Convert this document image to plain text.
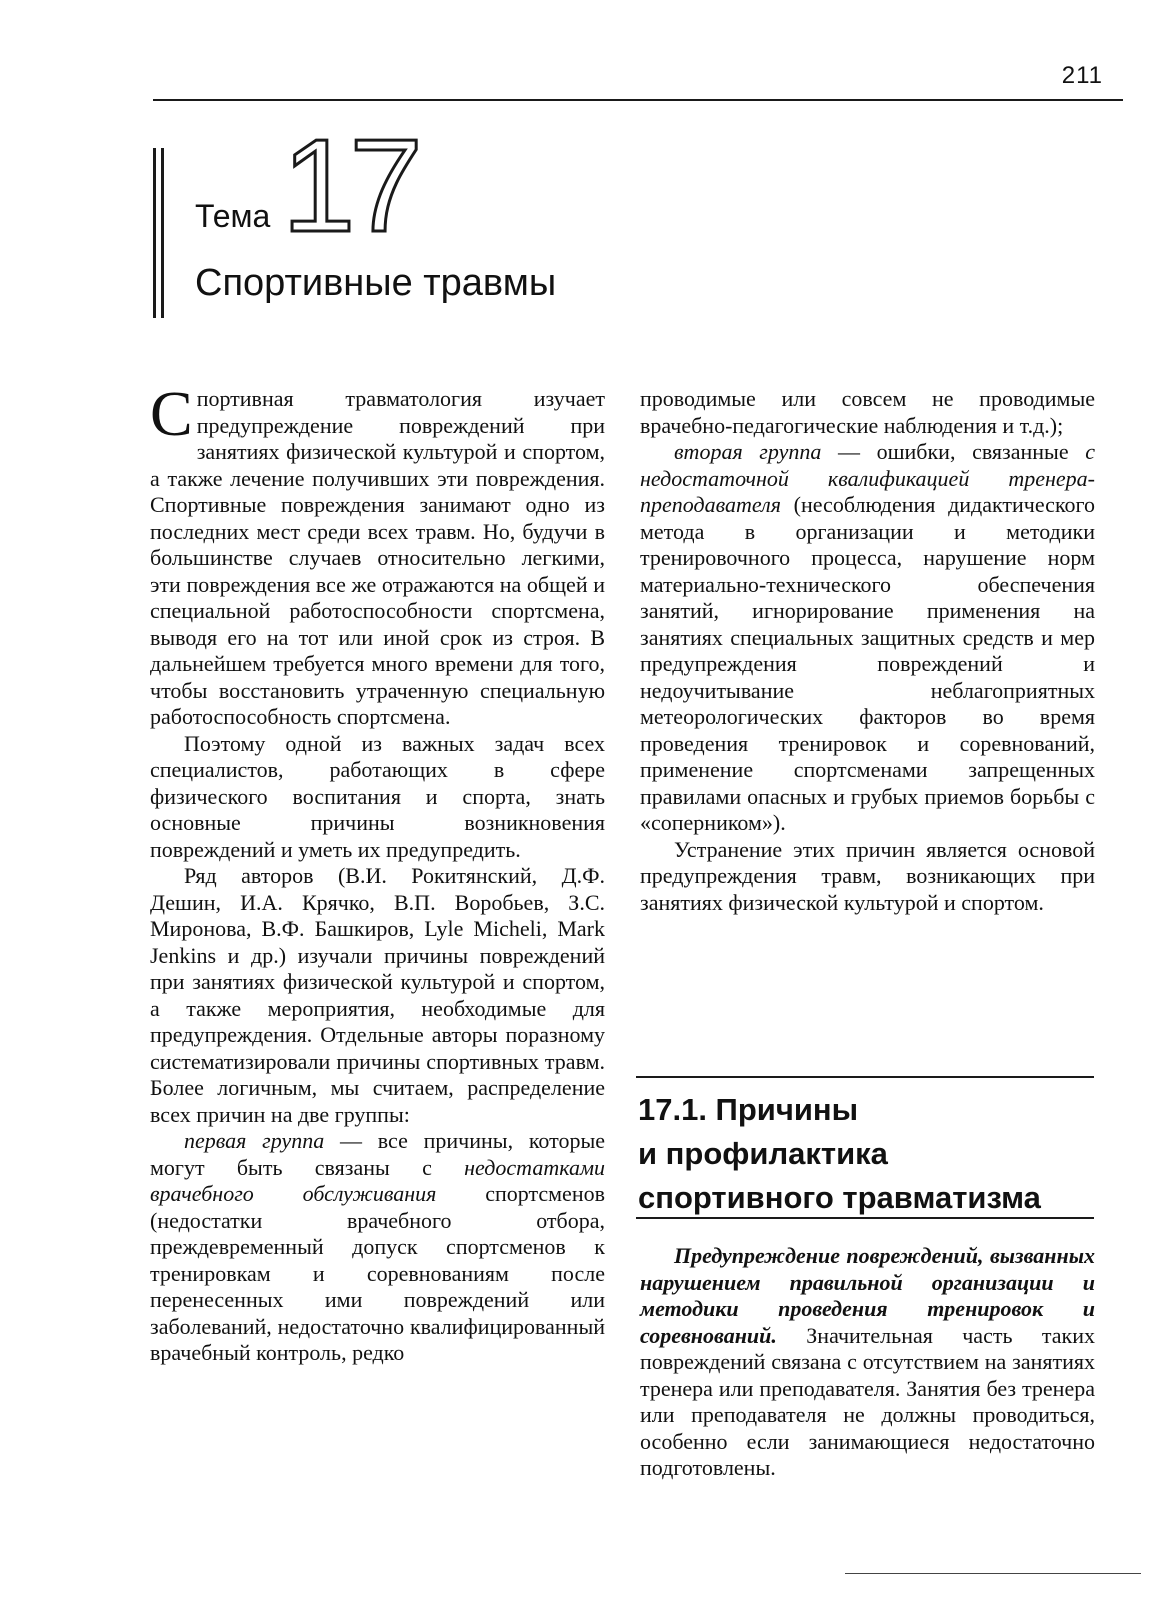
211
Тема 17
Спортивные травмы

Спортивная травматология изучает предупреждение повреждений при занятиях физической культурой и спортом, а также лечение получивших эти повреждения. Спортивные повреждения занимают одно из последних мест среди всех травм. Но, будучи в большинстве случаев относительно легкими, эти повреждения все же отражаются на общей и специальной работоспособности спортсмена, выводя его на тот или иной срок из строя. В дальнейшем требуется много времени для того, чтобы восстановить утраченную специальную работоспособность спортсмена.

Поэтому одной из важных задач всех специалистов, работающих в сфере физического воспитания и спорта, знать основные причины возникновения повреждений и уметь их предупредить.

Ряд авторов (В.И. Рокитянский, Д.Ф. Дешин, И.А. Крячко, В.П. Воробьев, З.С. Миронова, В.Ф. Башкиров, Lyle Micheli, Mark Jenkins и др.) изучали причины повреждений при занятиях физической культурой и спортом, а также мероприятия, необходимые для предупреждения. Отдельные авторы поразному систематизировали причины спортивных травм. Более логичным, мы считаем, распределение всех причин на две группы:

первая группа — все причины, которые могут быть связаны с недостатками врачебного обслуживания спортсменов (недостатки врачебного отбора, преждевременный допуск спортсменов к тренировкам и соревнованиям после перенесенных ими повреждений или заболеваний, недостаточно квалифицированный врачебный контроль, редко

проводимые или совсем не проводимые врачебно-педагогические наблюдения и т.д.);

вторая группа — ошибки, связанные с недостаточной квалификацией тренера-преподавателя (несоблюдения дидактического метода в организации и методики тренировочного процесса, нарушение норм материально-технического обеспечения занятий, игнорирование применения на занятиях специальных защитных средств и мер предупреждения повреждений и недоучитывание неблагоприятных метеорологических факторов во время проведения тренировок и соревнований, применение спортсменами запрещенных правилами опасных и грубых приемов борьбы с «соперником»).

Устранение этих причин является основой предупреждения травм, возникающих при занятиях физической культурой и спортом.

17.1. Причины
и профилактика
спортивного травматизма

Предупреждение повреждений, вызванных нарушением правильной организации и методики проведения тренировок и соревнований. Значительная часть таких повреждений связана с отсутствием на занятиях тренера или преподавателя. Занятия без тренера или преподавателя не должны проводиться, особенно если занимающиеся недостаточно подготовлены.
